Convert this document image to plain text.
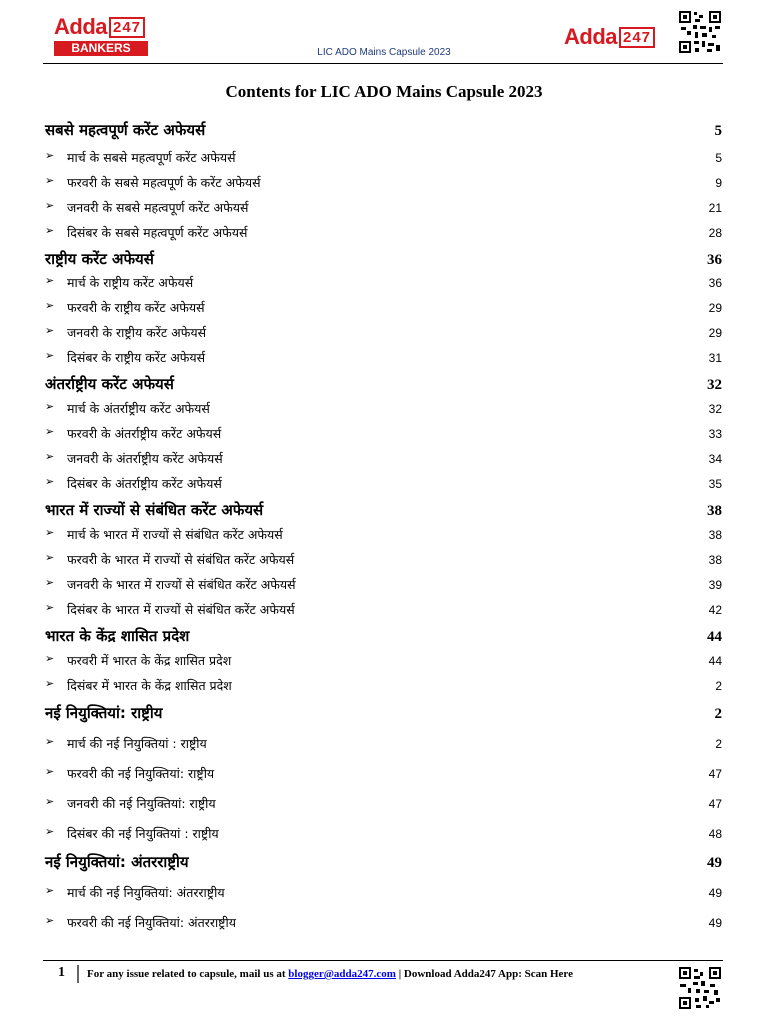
Adda 247
BANKERS	LIC ADO Mains Capsule 2023
Adda 247
Contents for LIC ADO Mains Capsule 2023
सबसे महत्वपूर्ण करेंट अफेयर्स	5
➢ मार्च के सबसे महत्वपूर्ण करेंट अफेयर्स	5
➢ फरवरी के सबसे महत्वपूर्ण के करेंट अफेयर्स	9
➢ जनवरी के सबसे महत्वपूर्ण करेंट अफेयर्स	21
➢ दिसंबर के सबसे महत्वपूर्ण करेंट अफेयर्स	28
राष्ट्रीय करेंट अफेयर्स	36
➢ मार्च के राष्ट्रीय करेंट अफेयर्स	36
➢ फरवरी के राष्ट्रीय करेंट अफेयर्स	29
➢ जनवरी के राष्ट्रीय करेंट अफेयर्स	29
➢ दिसंबर के राष्ट्रीय करेंट अफेयर्स	31
अंतर्राष्ट्रीय करेंट अफेयर्स	32
➢ मार्च के अंतर्राष्ट्रीय करेंट अफेयर्स	32
➢ फरवरी के अंतर्राष्ट्रीय करेंट अफेयर्स	33
➢ जनवरी के अंतर्राष्ट्रीय करेंट अफेयर्स	34
➢ दिसंबर के अंतर्राष्ट्रीय करेंट अफेयर्स	35
भारत में राज्यों से संबंधित करेंट अफेयर्स	38
➢ मार्च के भारत में राज्यों से संबंधित करेंट अफेयर्स	38
➢ फरवरी के भारत में राज्यों से संबंधित करेंट अफेयर्स	38
➢ जनवरी के भारत में राज्यों से संबंधित करेंट अफेयर्स	39
➢ दिसंबर के भारत में राज्यों से संबंधित करेंट अफेयर्स	42
भारत के केंद्र शासित प्रदेश	44
➢ फरवरी में भारत के केंद्र शासित प्रदेश	44
➢ दिसंबर में भारत के केंद्र शासित प्रदेश	2
नई नियुक्तियां: राष्ट्रीय	2
➢ मार्च की नई नियुक्तियां : राष्ट्रीय	2
➢ फरवरी की नई नियुक्तियां: राष्ट्रीय	47
➢ जनवरी की नई नियुक्तियां: राष्ट्रीय	47
➢ दिसंबर की नई नियुक्तियां : राष्ट्रीय	48
नई नियुक्तियां: अंतरराष्ट्रीय	49
➢ मार्च की नई नियुक्तियां: अंतरराष्ट्रीय	49
➢ फरवरी की नई नियुक्तियां: अंतरराष्ट्रीय	49
1 For any issue related to capsule, mail us at blogger@adda247.com | Download Adda247 App: Scan Here
